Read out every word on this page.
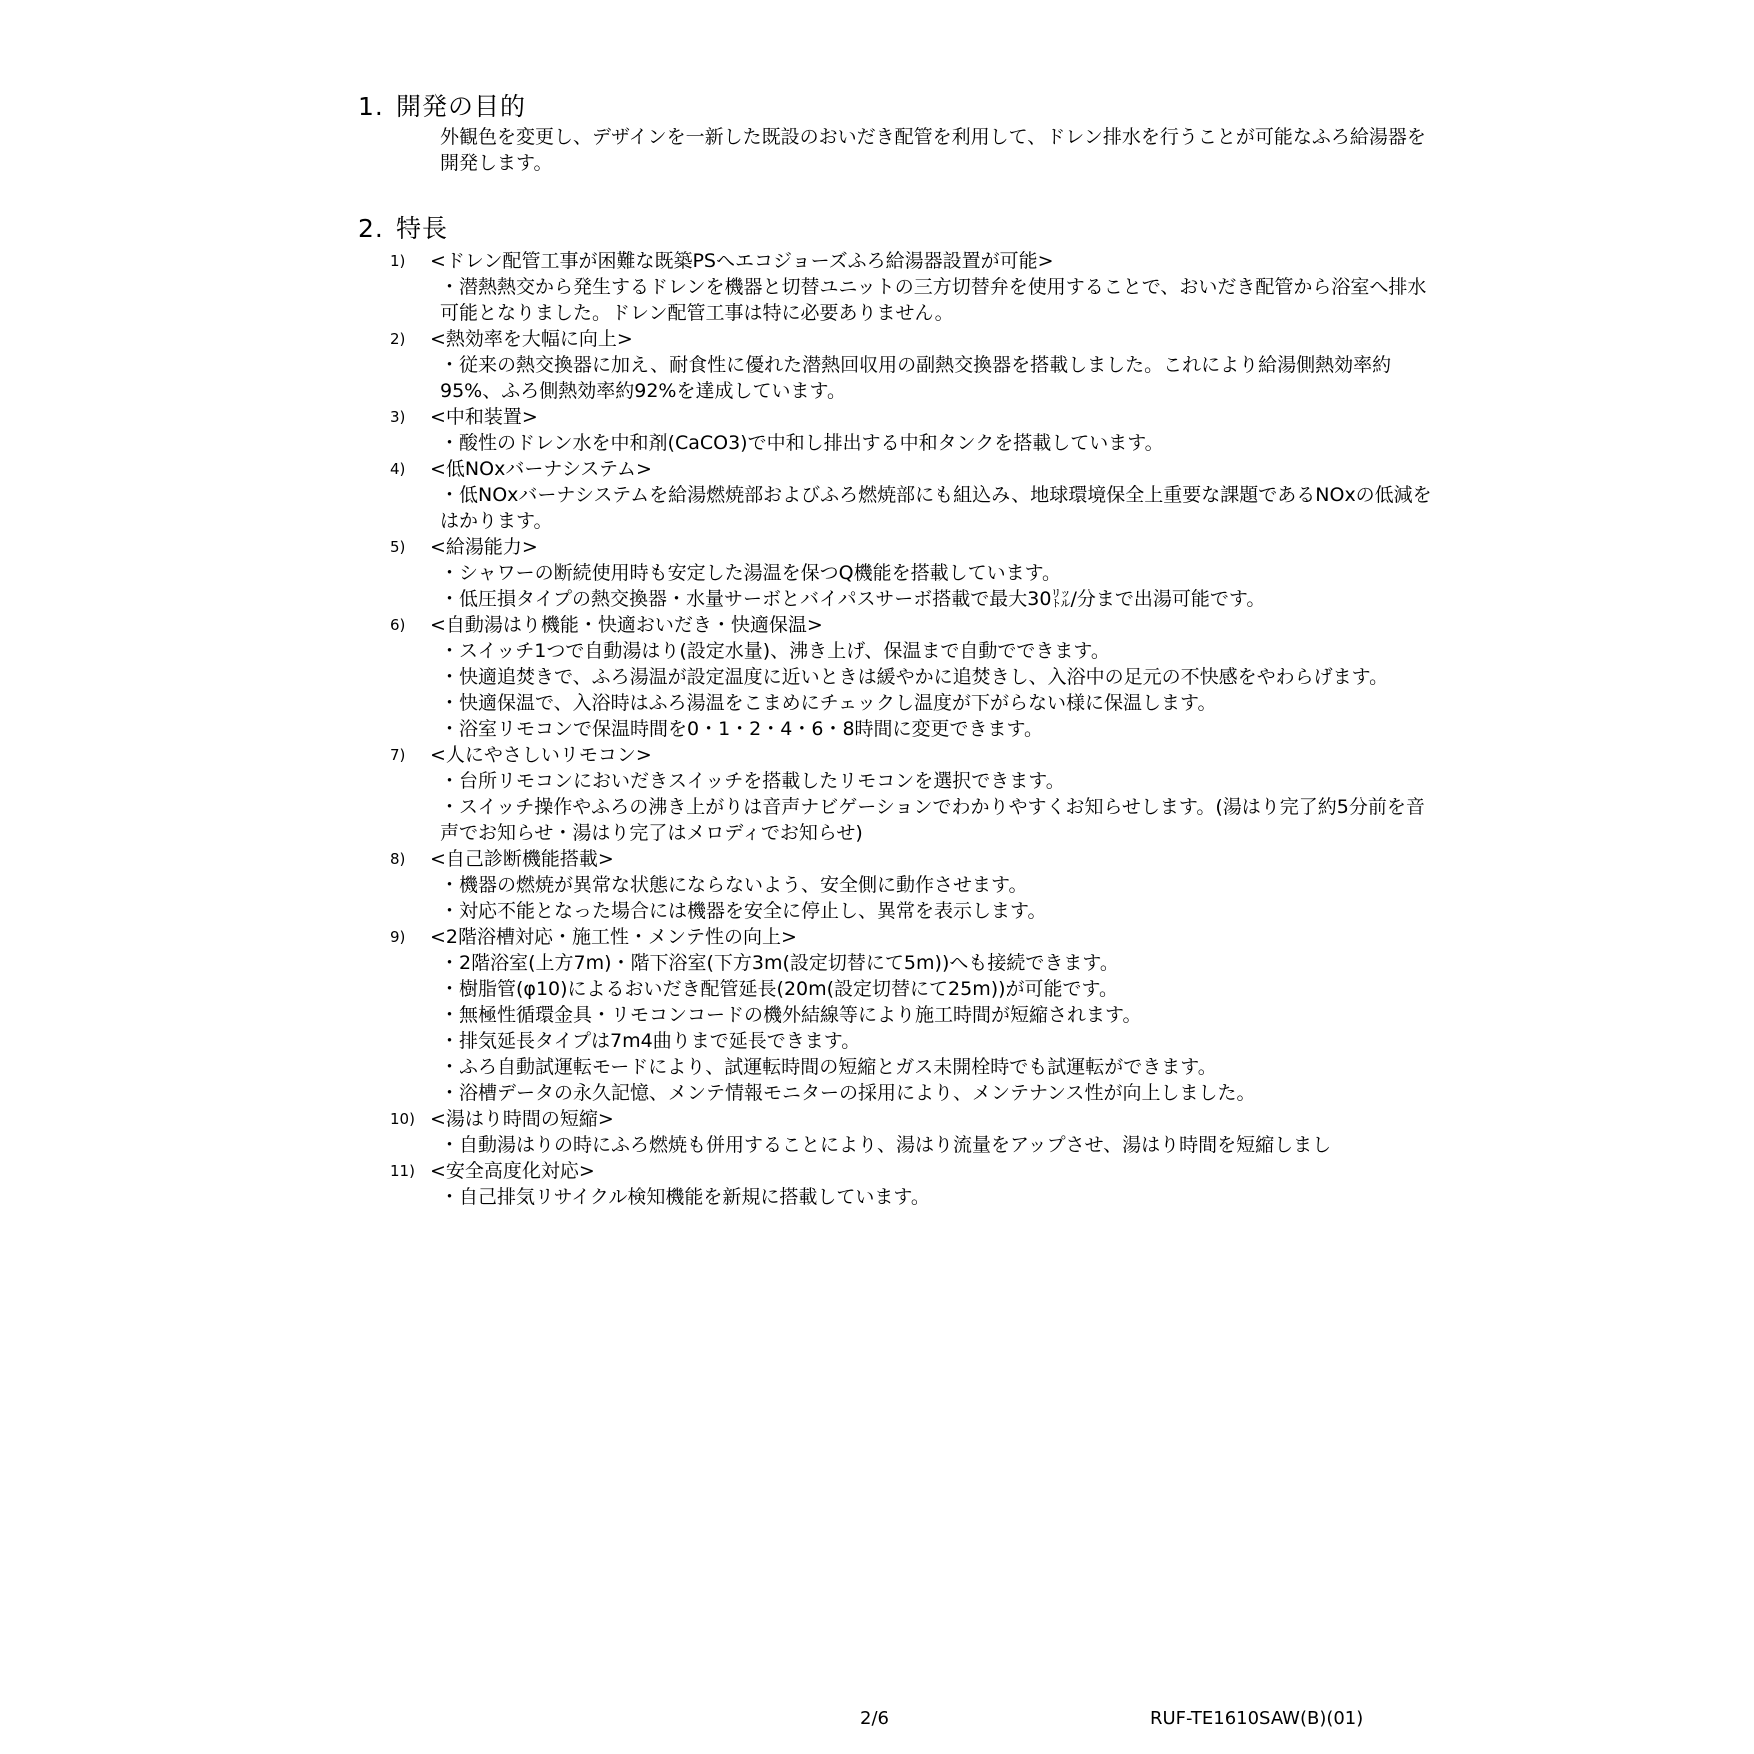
1. 開発の目的
外観色を変更し、デザインを一新した既設のおいだき配管を利用して、ドレン排水を行うことが可能なふろ給湯器を開発します。
2. 特長
1) <ドレン配管工事が困難な既築PSへエコジョーズふろ給湯器設置が可能>
・潜熱熱交から発生するドレンを機器と切替ユニットの三方切替弁を使用することで、おいだき配管から浴室へ排水可能となりました。ドレン配管工事は特に必要ありません。
2) <熱効率を大幅に向上>
・従来の熱交換器に加え、耐食性に優れた潜熱回収用の副熱交換器を搭載しました。これにより給湯側熱効率約95%、ふろ側熱効率約92%を達成しています。
3) <中和装置>
・酸性のドレン水を中和剤(CaCO3)で中和し排出する中和タンクを搭載しています。
4) <低NOxバーナシステム>
・低NOxバーナシステムを給湯燃焼部およびふろ燃焼部にも組込み、地球環境保全上重要な課題であるNOxの低減をはかります。
5) <給湯能力>
・シャワーの断続使用時も安定した湯温を保つQ機能を搭載しています。
・低圧損タイプの熱交換器・水量サーボとバイパスサーボ搭載で最大30㍑/分まで出湯可能です。
6) <自動湯はり機能・快適おいだき・快適保温>
・スイッチ1つで自動湯はり(設定水量)、沸き上げ、保温まで自動でできます。
・快適追焚きで、ふろ湯温が設定温度に近いときは緩やかに追焚きし、入浴中の足元の不快感をやわらげます。
・快適保温で、入浴時はふろ湯温をこまめにチェックし温度が下がらない様に保温します。
・浴室リモコンで保温時間を0・1・2・4・6・8時間に変更できます。
7) <人にやさしいリモコン>
・台所リモコンにおいだきスイッチを搭載したリモコンを選択できます。
・スイッチ操作やふろの沸き上がりは音声ナビゲーションでわかりやすくお知らせします。(湯はり完了約5分前を音声でお知らせ・湯はり完了はメロディでお知らせ)
8) <自己診断機能搭載>
・機器の燃焼が異常な状態にならないよう、安全側に動作させます。
・対応不能となった場合には機器を安全に停止し、異常を表示します。
9) <2階浴槽対応・施工性・メンテ性の向上>
・2階浴室(上方7m)・階下浴室(下方3m(設定切替にて5m))へも接続できます。
・樹脂管(φ10)によるおいだき配管延長(20m(設定切替にて25m))が可能です。
・無極性循環金具・リモコンコードの機外結線等により施工時間が短縮されます。
・排気延長タイプは7m4曲りまで延長できます。
・ふろ自動試運転モードにより、試運転時間の短縮とガス未開栓時でも試運転ができます。
・浴槽データの永久記憶、メンテ情報モニターの採用により、メンテナンス性が向上しました。
10) <湯はり時間の短縮>
・自動湯はりの時にふろ燃焼も併用することにより、湯はり流量をアップさせ、湯はり時間を短縮しまし
11) <安全高度化対応>
・自己排気リサイクル検知機能を新規に搭載しています。
2/6	RUF-TE1610SAW(B)(01)
